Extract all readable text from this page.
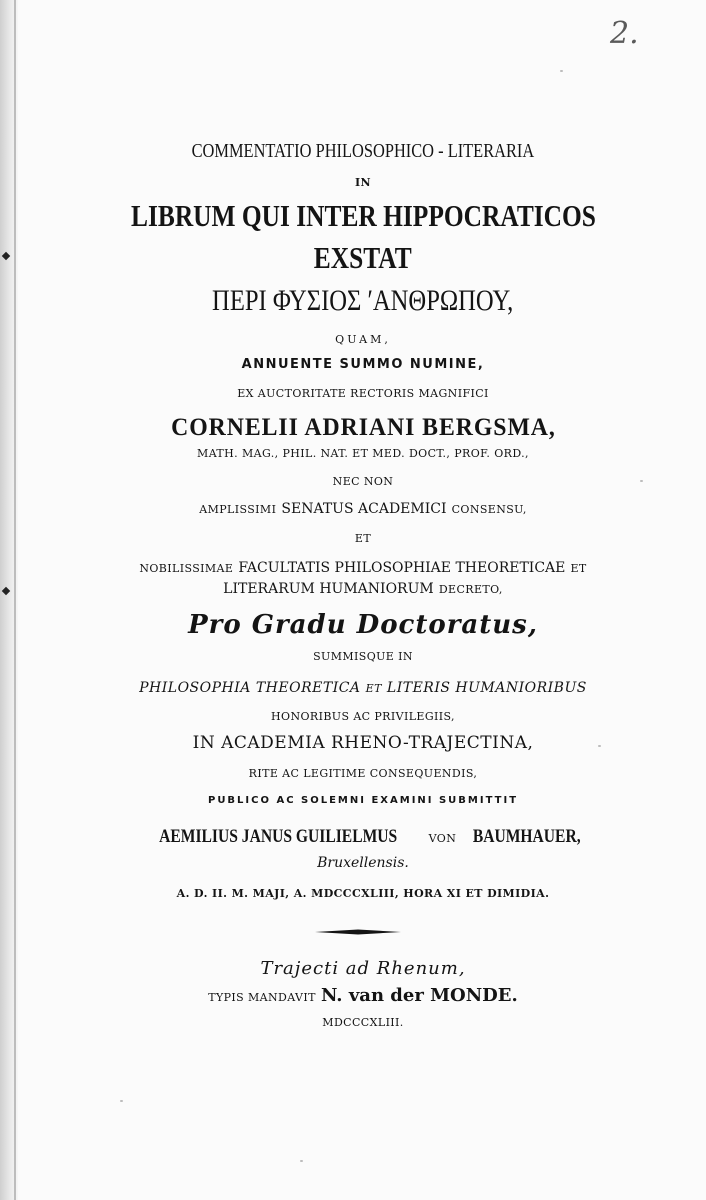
2.
COMMENTATIO PHILOSOPHICO - LITERARIA
IN
LIBRUM QUI INTER HIPPOCRATICOS
EXSTAT
ΠΕΡΙ ΦΥΣΙΟΣ ʹΑΝΘΡΩΠΟΥ,
QUAM,
ANNUENTE SUMMO NUMINE,
EX AUCTORITATE RECTORIS MAGNIFICI
CORNELII ADRIANI BERGSMA,
MATH. MAG., PHIL. NAT. ET MED. DOCT., PROF. ORD.,
NEC NON
AMPLISSIMI SENATUS ACADEMICI CONSENSU,
ET
NOBILISSIMAE FACULTATIS PHILOSOPHIAE THEORETICAE ET
LITERARUM HUMANIORUM DECRETO,
Pro Gradu Doctoratus,
SUMMISQUE IN
PHILOSOPHIA THEORETICA ET LITERIS HUMANIORIBUS
HONORIBUS AC PRIVILEGIIS,
IN ACADEMIA RHENO-TRAJECTINA,
RITE AC LEGITIME CONSEQUENDIS,
PUBLICO AC SOLEMNI EXAMINI SUBMITTIT
AEMILIUS JANUS GUILIELMUS	VON BAUMHAUER,
Bruxellensis.
A. D. II. M. MAJI, A. MDCCCXLIII, HORA XI ET DIMIDIA.
Trajecti ad Rhenum,
TYPIS MANDAVIT N. van der MONDE.
MDCCCXLIII.
